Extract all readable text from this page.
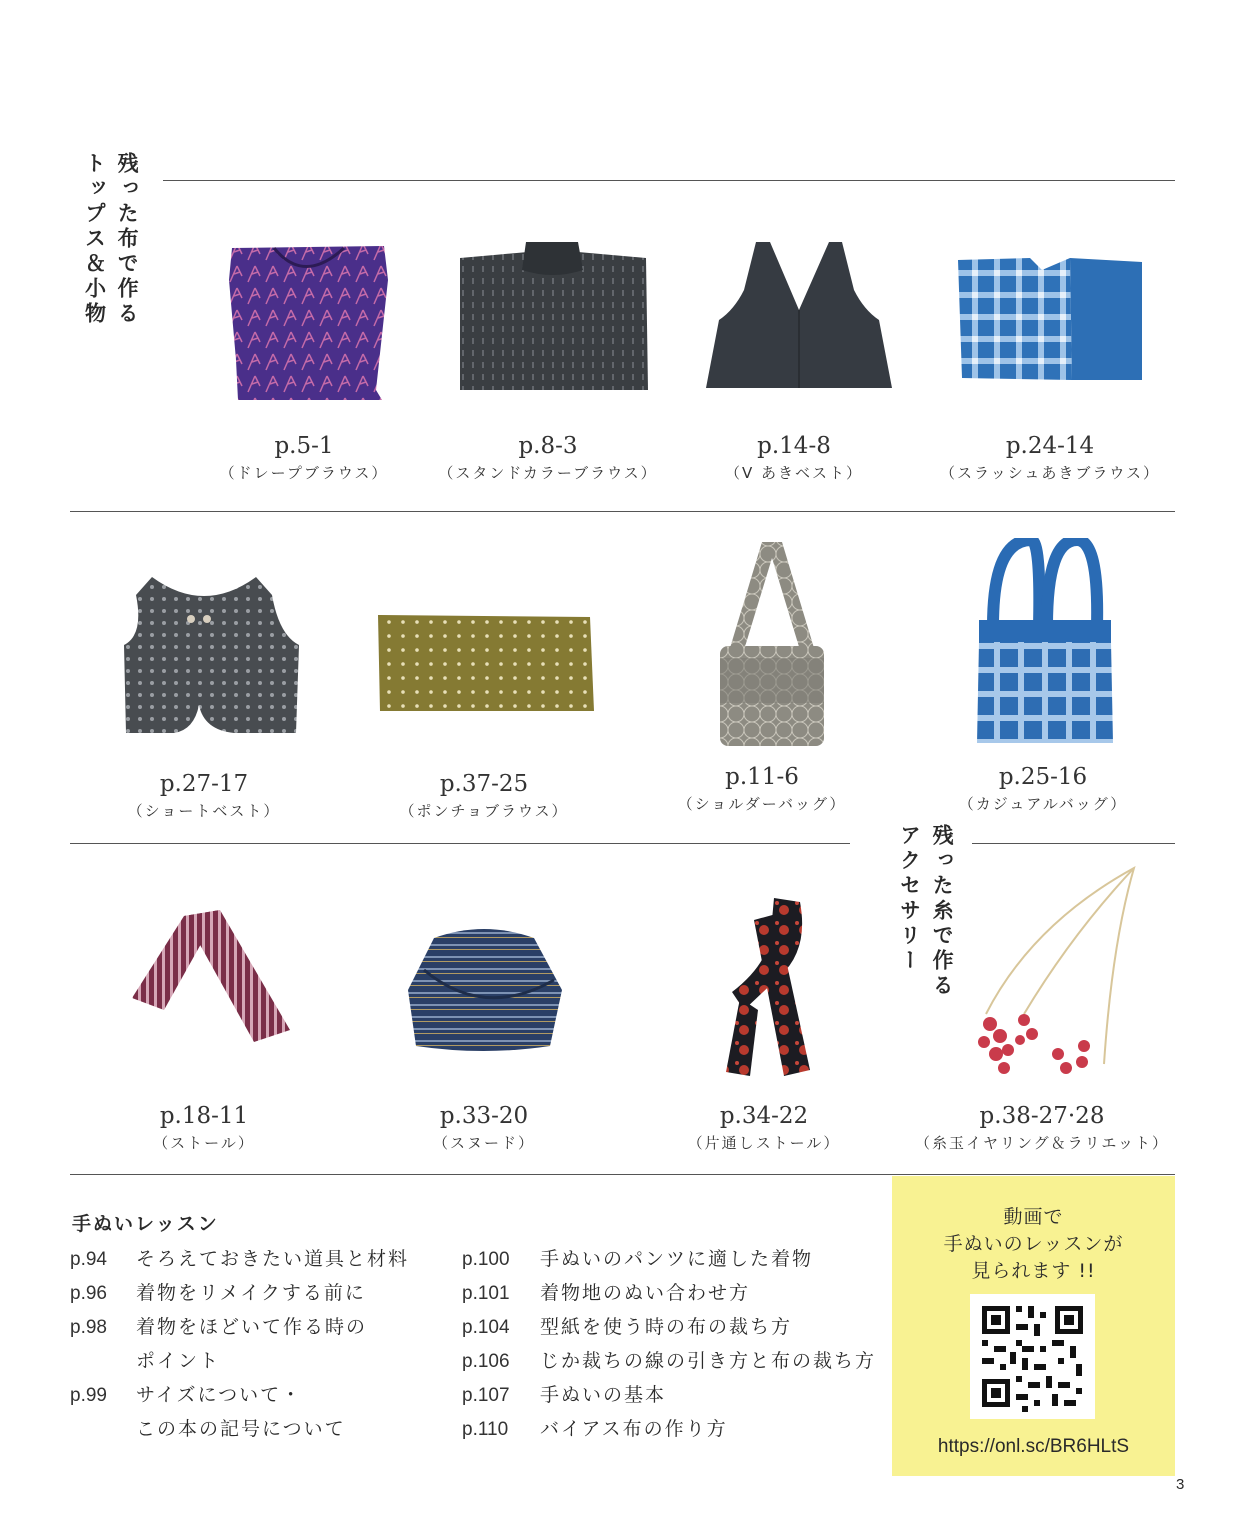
残った布で作る トップス＆小物
残った糸で作る アクセサリー
p.5-1
（ドレープブラウス）
p.8-3
（スタンドカラーブラウス）
p.14-8
（V あきベスト）
p.24-14
（スラッシュあきブラウス）
p.27-17
（ショートベスト）
p.37-25
（ポンチョブラウス）
p.11-6
（ショルダーバッグ）
p.25-16
（カジュアルバッグ）
p.18-11
（ストール）
p.33-20
（スヌード）
p.34-22
（片通しストール）
p.38-27·28
（糸玉イヤリング＆ラリエット）
手ぬいレッスン
p.94 そろえておきたい道具と材料
p.96 着物をリメイクする前に
p.98 着物をほどいて作る時の
ポイント
p.99 サイズについて・
この本の記号について
p.100 手ぬいのパンツに適した着物
p.101 着物地のぬい合わせ方
p.104 型紙を使う時の布の裁ち方
p.106 じか裁ちの線の引き方と布の裁ち方
p.107 手ぬいの基本
p.110 バイアス布の作り方
動画で
手ぬいのレッスンが
見られます !!
https://onl.sc/BR6HLtS
3
